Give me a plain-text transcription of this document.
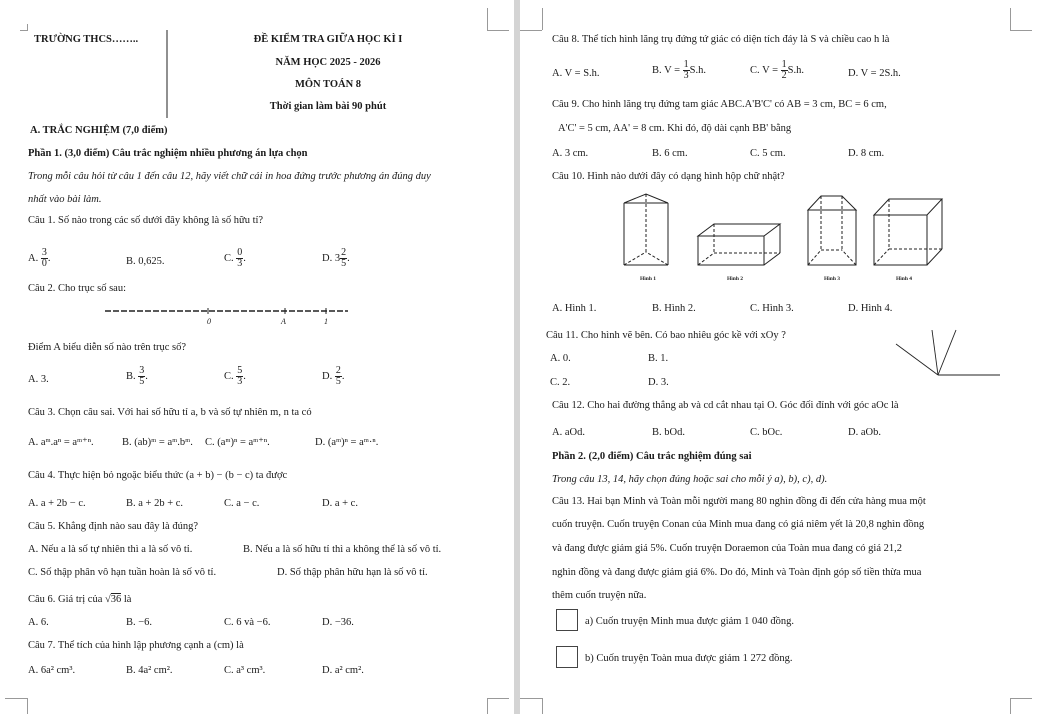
TRƯỜNG THCS……..	ĐỀ KIỂM TRA GIỮA HỌC KÌ I
NĂM HỌC 2025 - 2026
MÔN TOÁN 8
Thời gian làm bài 90 phút
A. TRẮC NGHIỆM (7,0 điểm)
Phần 1. (3,0 điểm) Câu trắc nghiệm nhiều phương án lựa chọn
Trong mỗi câu hỏi từ câu 1 đến câu 12, hãy viết chữ cái in hoa đứng trước phương án đúng duy
nhất vào bài làm.
Câu 1. Số nào trong các số dưới đây không là số hữu tỉ?
A. $\frac{3}{0}$ .	B. 0,625.	C. $\frac{0}{3}$ .	D. $3 \frac{2}{5}$ .
Câu 2. Cho trục số sau:
0	A	1
Điểm A biểu diễn số nào trên trục số?
A. 3.	B. $\frac{3}{5}$ .	C. $\frac{5}{3}$ .	D. $\frac{2}{5}$ .
Câu 3. Chọn câu sai. Với hai số hữu tỉ a, b và số tự nhiên m, n ta có
A. aᵐ.aⁿ = aᵐ⁺ⁿ.	B. (ab)ᵐ = aᵐ.bᵐ. C. (aᵐ)ⁿ = aᵐ⁺ⁿ.	D. (aᵐ)ⁿ = aᵐ·ⁿ.
Câu 4. Thực hiện bỏ ngoặc biểu thức (a + b) − (b − c) ta được
A. a + 2b − c.	B. a + 2b + c.	C. a − c.	D. a + c.
Câu 5. Khẳng định nào sau đây là đúng?
A. Nếu a là số tự nhiên thì a là số vô tỉ.	B. Nếu a là số hữu tỉ thì a không thể là số vô tỉ.
C. Số thập phân vô hạn tuần hoàn là số vô tỉ.	D. Số thập phân hữu hạn là số vô tỉ.
Câu 6. Giá trị của √36 là
A. 6.	B. −6.	C. 6 và −6.	D. −36.
Câu 7. Thể tích của hình lập phương cạnh a (cm) là
A. 6a² cm³.	B. 4a² cm².	C. a³ cm³.	D. a² cm².
Câu 8. Thể tích hình lăng trụ đứng tứ giác có diện tích đáy là S và chiều cao h là
A. V = S.h.	B. $V = \frac{1}{3} S.h$.	C. $V = \frac{1}{2} S.h$.	D. V = 2S.h.
Câu 9. Cho hình lăng trụ đứng tam giác ABC.A'B'C' có AB = 3 cm, BC = 6 cm,
A'C' = 5 cm, AA' = 8 cm. Khi đó, độ dài cạnh BB' bằng
A. 3 cm.	B. 6 cm.	C. 5 cm.	D. 8 cm.
Câu 10. Hình nào dưới đây có dạng hình hộp chữ nhật?
Hình 1	Hình 2	Hình 3	Hình 4
A. Hình 1.	B. Hình 2.	C. Hình 3.	D. Hình 4.
Câu 11. Cho hình vẽ bên. Có bao nhiêu góc kề với xOy ?
A. 0.	B. 1.
C. 2.	D. 3.
Câu 12. Cho hai đường thẳng ab và cd cắt nhau tại O. Góc đối đỉnh với góc aOc là
A. aOd.	B. bOd.	C. bOc.	D. aOb.
Phần 2. (2,0 điểm) Câu trắc nghiệm đúng sai
Trong câu 13, 14, hãy chọn đúng hoặc sai cho mỗi ý a), b), c), d).
Câu 13. Hai bạn Minh và Toàn mỗi người mang 80 nghìn đồng đi đến cửa hàng mua một
cuốn truyện. Cuốn truyện Conan của Minh mua đang có giá niêm yết là 20,8 nghìn đồng
và đang được giảm giá 5%. Cuốn truyện Doraemon của Toàn mua đang có giá 21,2
nghìn đồng và đang được giảm giá 6%. Do đó, Minh và Toàn định góp số tiền thừa mua
thêm cuốn truyện nữa.
a) Cuốn truyện Minh mua được giảm 1 040 đồng.
b) Cuốn truyện Toàn mua được giảm 1 272 đồng.
